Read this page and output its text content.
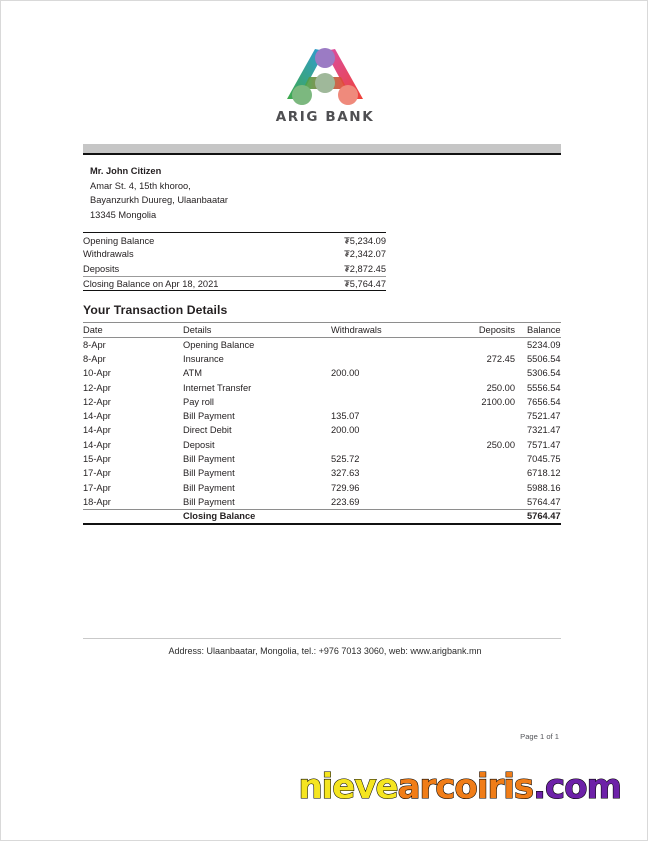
ARIG BANK
Mr. John Citizen
Amar St. 4, 15th khoroo,
Bayanzurkh Duureg, Ulaanbaatar
13345 Mongolia
Opening Balance	₮5,234.09
Withdrawals	₮2,342.07
Deposits	₮2,872.45
Closing Balance on Apr 18, 2021	₮5,764.47
Your Transaction Details
Date	Details	Withdrawals	Deposits	Balance
8-Apr	Opening Balance			5234.09
8-Apr	Insurance		272.45	5506.54
10-Apr	ATM	200.00		5306.54
12-Apr	Internet Transfer		250.00	5556.54
12-Apr	Pay roll		2100.00	7656.54
14-Apr	Bill Payment	135.07		7521.47
14-Apr	Direct Debit	200.00		7321.47
14-Apr	Deposit		250.00	7571.47
15-Apr	Bill Payment	525.72		7045.75
17-Apr	Bill Payment	327.63		6718.12
17-Apr	Bill Payment	729.96		5988.16
18-Apr	Bill Payment	223.69		5764.47
	Closing Balance			5764.47
Address: Ulaanbaatar, Mongolia, tel.: +976 7013 3060, web: www.arigbank.mn
Page 1 of 1
nievearcoiris.com
